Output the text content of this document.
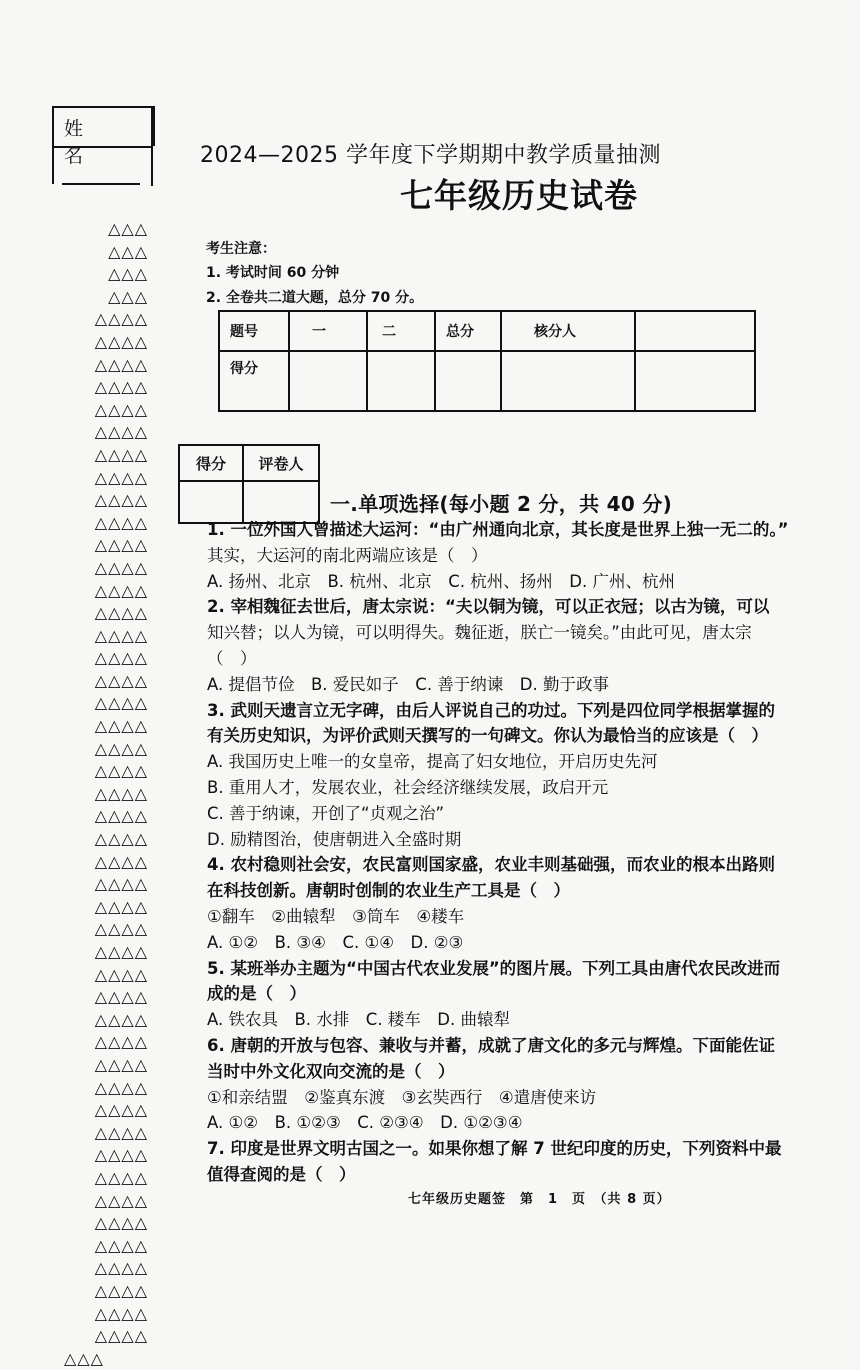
姓 名
△△△
△△△
△△△
△△△
△△△△
△△△△
△△△△
△△△△
△△△△
△△△△
△△△△
△△△△
△△△△
△△△△
△△△△
△△△△
△△△△
△△△△
△△△△
△△△△
△△△△
△△△△
△△△△
△△△△
△△△△
△△△△
△△△△
△△△△
△△△△
△△△△
△△△△
△△△△
△△△△
△△△△
△△△△
△△△△
△△△△
△△△△
△△△△
△△△△
△△△△
△△△△
△△△△
△△△△
△△△△
△△△△
△△△△
△△△△
△△△△
△△△△
△△△
2024—2025 学年度下学期期中教学质量抽测
七年级历史试卷
考生注意：
1. 考试时间 60 分钟
2. 全卷共二道大题，总分 70 分。
题号	一	二	总分	核分人	
得分					
得分	评卷人

一.单项选择(每小题 2 分，共 40 分)
1. 一位外国人曾描述大运河：“由广州通向北京，其长度是世界上独一无二的。”
其实，大运河的南北两端应该是（　）
A. 扬州、北京　B. 杭州、北京　C. 杭州、扬州　D. 广州、杭州
2. 宰相魏征去世后，唐太宗说：“夫以铜为镜，可以正衣冠；以古为镜，可以
知兴替；以人为镜，可以明得失。魏征逝，朕亡一镜矣。”由此可见，唐太宗
（　）
A. 提倡节俭　B. 爱民如子　C. 善于纳谏　D. 勤于政事
3. 武则天遗言立无字碑，由后人评说自己的功过。下列是四位同学根据掌握的
有关历史知识，为评价武则天撰写的一句碑文。你认为最恰当的应该是（　）
A. 我国历史上唯一的女皇帝，提高了妇女地位，开启历史先河
B. 重用人才，发展农业，社会经济继续发展，政启开元
C. 善于纳谏，开创了“贞观之治”
D. 励精图治，使唐朝进入全盛时期
4. 农村稳则社会安，农民富则国家盛，农业丰则基础强，而农业的根本出路则
在科技创新。唐朝时创制的农业生产工具是（　）
①翻车　②曲辕犁　③筒车　④耧车
A. ①②　B. ③④　C. ①④　D. ②③
5. 某班举办主题为“中国古代农业发展”的图片展。下列工具由唐代农民改进而
成的是（　）
A. 铁农具　B. 水排　C. 耧车　D. 曲辕犁
6. 唐朝的开放与包容、兼收与并蓄，成就了唐文化的多元与辉煌。下面能佐证
当时中外文化双向交流的是（　）
①和亲结盟　②鉴真东渡　③玄奘西行　④遣唐使来访
A. ①②　B. ①②③　C. ②③④　D. ①②③④
7. 印度是世界文明古国之一。如果你想了解 7 世纪印度的历史，下列资料中最
值得查阅的是（　）
七年级历史题签　第　1　页　（共 8 页）
